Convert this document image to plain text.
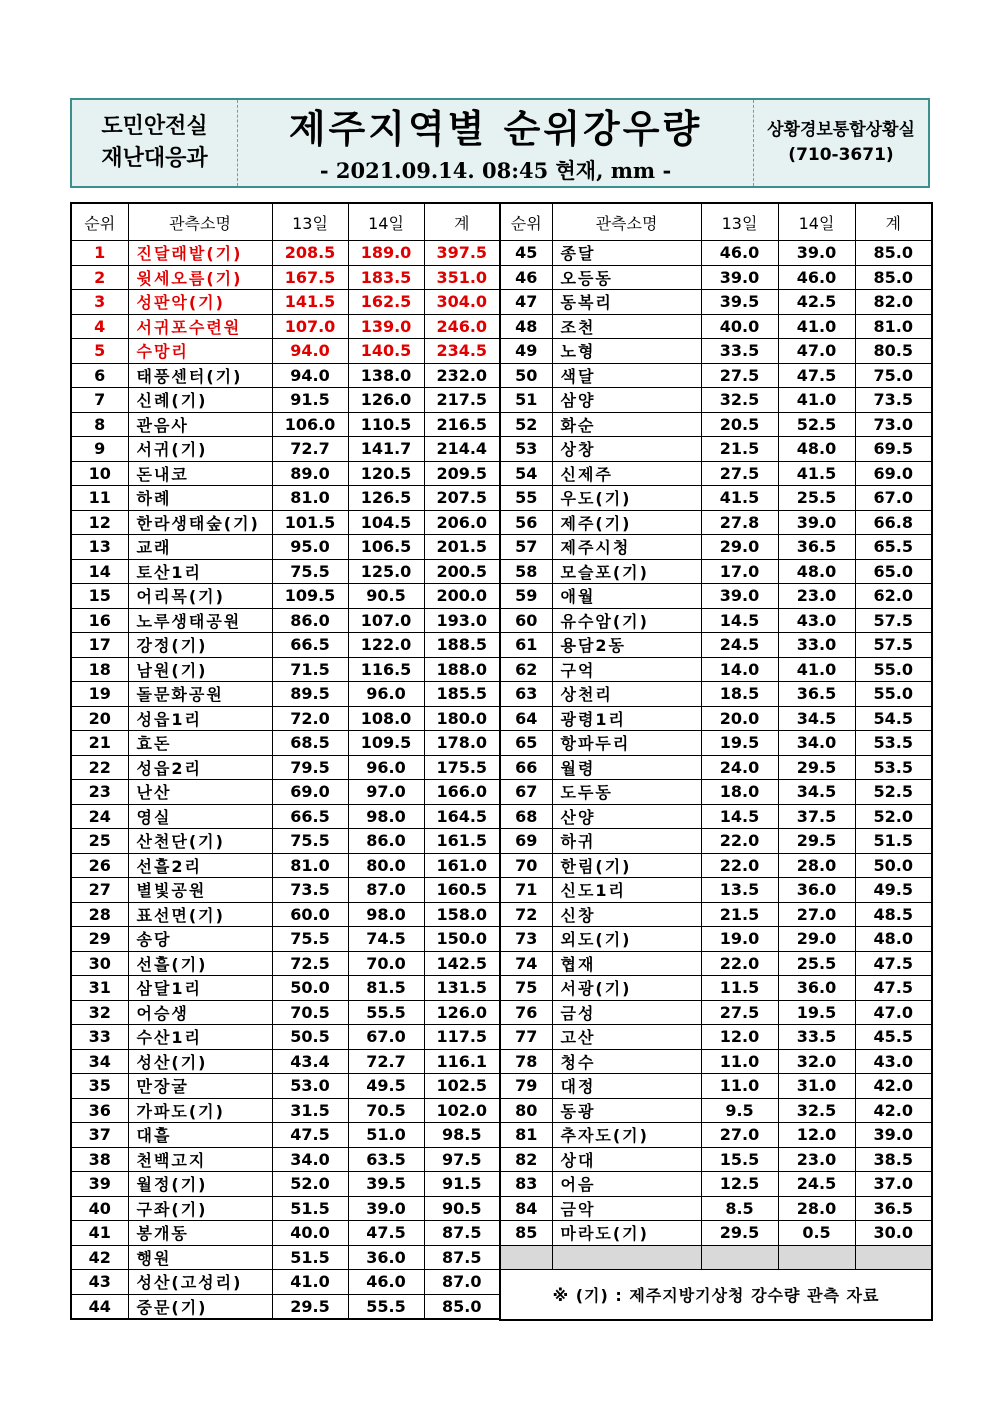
도민안전실
재난대응과
제주지역별 순위강우량
- 2021.09.14. 08:45 현재, mm -
상황경보통합상황실
(710-3671)
순위	관측소명	13일	14일	계
1	진달래밭(기)	208.5	189.0	397.5
2	윗세오름(기)	167.5	183.5	351.0
3	성판악(기)	141.5	162.5	304.0
4	서귀포수련원	107.0	139.0	246.0
5	수망리	94.0	140.5	234.5
6	태풍센터(기)	94.0	138.0	232.0
7	신례(기)	91.5	126.0	217.5
8	관음사	106.0	110.5	216.5
9	서귀(기)	72.7	141.7	214.4
10	돈내코	89.0	120.5	209.5
11	하례	81.0	126.5	207.5
12	한라생태숲(기)	101.5	104.5	206.0
13	교래	95.0	106.5	201.5
14	토산1리	75.5	125.0	200.5
15	어리목(기)	109.5	90.5	200.0
16	노루생태공원	86.0	107.0	193.0
17	강정(기)	66.5	122.0	188.5
18	남원(기)	71.5	116.5	188.0
19	돌문화공원	89.5	96.0	185.5
20	성읍1리	72.0	108.0	180.0
21	효돈	68.5	109.5	178.0
22	성읍2리	79.5	96.0	175.5
23	난산	69.0	97.0	166.0
24	영실	66.5	98.0	164.5
25	산천단(기)	75.5	86.0	161.5
26	선흘2리	81.0	80.0	161.0
27	별빛공원	73.5	87.0	160.5
28	표선면(기)	60.0	98.0	158.0
29	송당	75.5	74.5	150.0
30	선흘(기)	72.5	70.0	142.5
31	삼달1리	50.0	81.5	131.5
32	어승생	70.5	55.5	126.0
33	수산1리	50.5	67.0	117.5
34	성산(기)	43.4	72.7	116.1
35	만장굴	53.0	49.5	102.5
36	가파도(기)	31.5	70.5	102.0
37	대흘	47.5	51.0	98.5
38	천백고지	34.0	63.5	97.5
39	월정(기)	52.0	39.5	91.5
40	구좌(기)	51.5	39.0	90.5
41	봉개동	40.0	47.5	87.5
42	행원	51.5	36.0	87.5
43	성산(고성리)	41.0	46.0	87.0
44	중문(기)	29.5	55.5	85.0
순위	관측소명	13일	14일	계
45	종달	46.0	39.0	85.0
46	오등동	39.0	46.0	85.0
47	동복리	39.5	42.5	82.0
48	조천	40.0	41.0	81.0
49	노형	33.5	47.0	80.5
50	색달	27.5	47.5	75.0
51	삼양	32.5	41.0	73.5
52	화순	20.5	52.5	73.0
53	상창	21.5	48.0	69.5
54	신제주	27.5	41.5	69.0
55	우도(기)	41.5	25.5	67.0
56	제주(기)	27.8	39.0	66.8
57	제주시청	29.0	36.5	65.5
58	모슬포(기)	17.0	48.0	65.0
59	애월	39.0	23.0	62.0
60	유수암(기)	14.5	43.0	57.5
61	용담2동	24.5	33.0	57.5
62	구억	14.0	41.0	55.0
63	상천리	18.5	36.5	55.0
64	광령1리	20.0	34.5	54.5
65	항파두리	19.5	34.0	53.5
66	월령	24.0	29.5	53.5
67	도두동	18.0	34.5	52.5
68	산양	14.5	37.5	52.0
69	하귀	22.0	29.5	51.5
70	한림(기)	22.0	28.0	50.0
71	신도1리	13.5	36.0	49.5
72	신창	21.5	27.0	48.5
73	외도(기)	19.0	29.0	48.0
74	협재	22.0	25.5	47.5
75	서광(기)	11.5	36.0	47.5
76	금성	27.5	19.5	47.0
77	고산	12.0	33.5	45.5
78	청수	11.0	32.0	43.0
79	대정	11.0	31.0	42.0
80	동광	9.5	32.5	42.0
81	추자도(기)	27.0	12.0	39.0
82	상대	15.5	23.0	38.5
83	어음	12.5	24.5	37.0
84	금악	8.5	28.0	36.5
85	마라도(기)	29.5	0.5	30.0

※ (기) : 제주지방기상청 강수량 관측 자료				
